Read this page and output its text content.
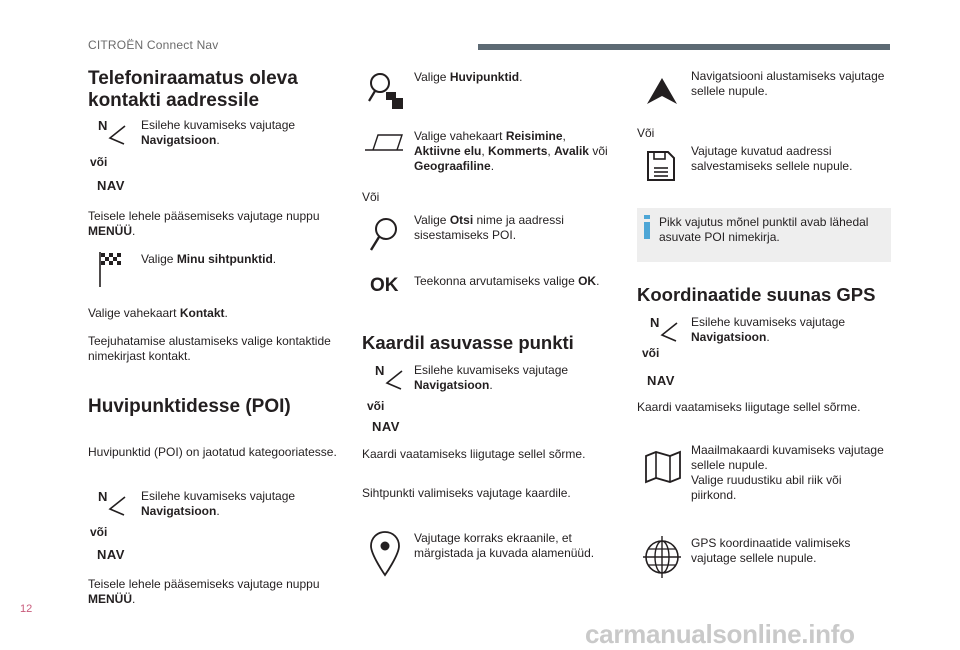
CITROËN Connect Nav
Telefoniraamatus oleva
kontakti aadressile
N
või
NAV
Esilehe kuvamiseks vajutage
Navigatsioon.
Teisele lehele pääsemiseks vajutage nuppu
MENÜÜ.
Valige Minu sihtpunktid.
Valige vahekaart Kontakt.
Teejuhatamise alustamiseks valige kontaktide
nimekirjast kontakt.
Huvipunktidesse (POI)
Huvipunktid (POI) on jaotatud kategooriatesse.
N
või
NAV
Esilehe kuvamiseks vajutage
Navigatsioon.
Teisele lehele pääsemiseks vajutage nuppu
MENÜÜ.
Valige Huvipunktid.
Valige vahekaart Reisimine,
Aktiivne elu, Kommerts, Avalik või
Geograafiline.
Või
Valige Otsi nime ja aadressi
sisestamiseks POI.
OK Teekonna arvutamiseks valige OK.
Kaardil asuvasse punkti
N
või
NAV
Esilehe kuvamiseks vajutage
Navigatsioon.
Kaardi vaatamiseks liigutage sellel sõrme.
Sihtpunkti valimiseks vajutage kaardile.
Vajutage korraks ekraanile, et
märgistada ja kuvada alamenüüd.
Navigatsiooni alustamiseks vajutage
sellele nupule.
Või
Vajutage kuvatud aadressi
salvestamiseks sellele nupule.
Pikk vajutus mõnel punktil avab lähedal
asuvate POI nimekirja.
Koordinaatide suunas GPS
N
või
NAV
Esilehe kuvamiseks vajutage
Navigatsioon.
Kaardi vaatamiseks liigutage sellel sõrme.
Maailmakaardi kuvamiseks vajutage
sellele nupule.
Valige ruudustiku abil riik või
piirkond.
GPS koordinaatide valimiseks
vajutage sellele nupule.
12
carmanualsonline.info
